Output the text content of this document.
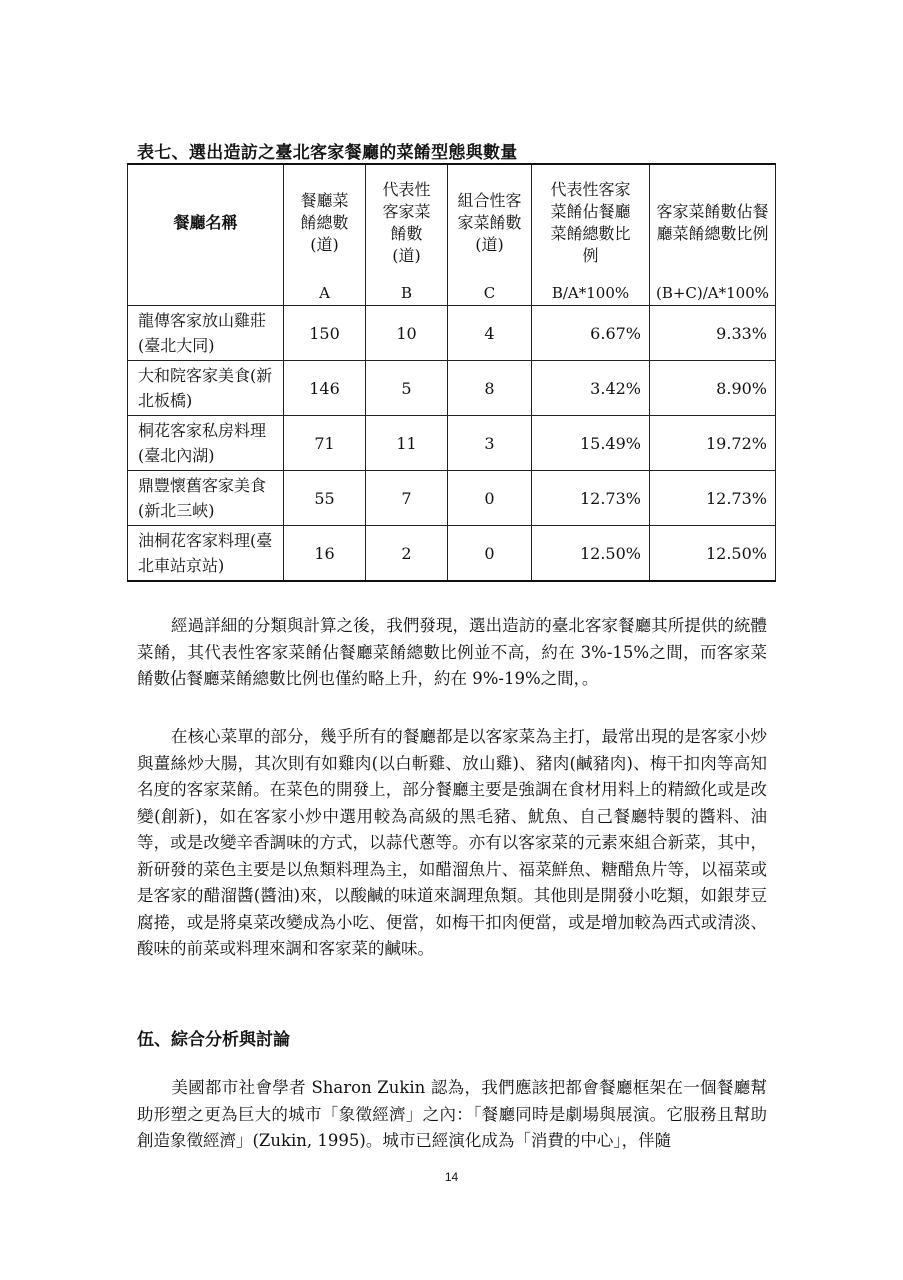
表七、選出造訪之臺北客家餐廳的菜餚型態與數量
餐廳名稱	餐廳菜餚總數(道)	代表性客家菜餚數(道)	組合性客家菜餚數(道)	代表性客家菜餚佔餐廳菜餚總數比例	客家菜餚數佔餐廳菜餚總數比例

	A	B	C	B/A*100%	(B+C)/A*100%
龍傳客家放山雞莊(臺北大同)	150	10	4	6.67%	9.33%
大和院客家美食(新北板橋)	146	5	8	3.42%	8.90%
桐花客家私房料理(臺北內湖)	71	11	3	15.49%	19.72%
鼎豐懷舊客家美食 (新北三峽)	55	7	0	12.73%	12.73%
油桐花客家料理(臺北車站京站)	16	2	0	12.50%	12.50%

經過詳細的分類與計算之後，我們發現，選出造訪的臺北客家餐廳其所提供的統體菜餚，其代表性客家菜餚佔餐廳菜餚總數比例並不高，約在 3%-15%之間，而客家菜餚數佔餐廳菜餚總數比例也僅約略上升，約在 9%-19%之間，。

在核心菜單的部分，幾乎所有的餐廳都是以客家菜為主打，最常出現的是客家小炒與薑絲炒大腸，其次則有如雞肉(以白斬雞、放山雞)、豬肉(鹹豬肉)、梅干扣肉等高知名度的客家菜餚。在菜色的開發上，部分餐廳主要是強調在食材用料上的精緻化或是改變(創新)，如在客家小炒中選用較為高級的黑毛豬、魷魚、自己餐廳特製的醬料、油等，或是改變辛香調味的方式，以蒜代蔥等。亦有以客家菜的元素來組合新菜，其中，新研發的菜色主要是以魚類料理為主，如醋溜魚片、福菜鮮魚、糖醋魚片等，以福菜或是客家的醋溜醬(醬油)來，以酸鹹的味道來調理魚類。其他則是開發小吃類，如銀芽豆腐捲，或是將桌菜改變成為小吃、便當，如梅干扣肉便當，或是增加較為西式或清淡、酸味的前菜或料理來調和客家菜的鹹味。

伍、綜合分析與討論

美國都市社會學者 Sharon Zukin 認為，我們應該把都會餐廳框架在一個餐廳幫助形塑之更為巨大的城市「象徵經濟」之內：「餐廳同時是劇場與展演。它服務且幫助創造象徵經濟」(Zukin, 1995)。城市已經演化成為「消費的中心」，伴隨

14
